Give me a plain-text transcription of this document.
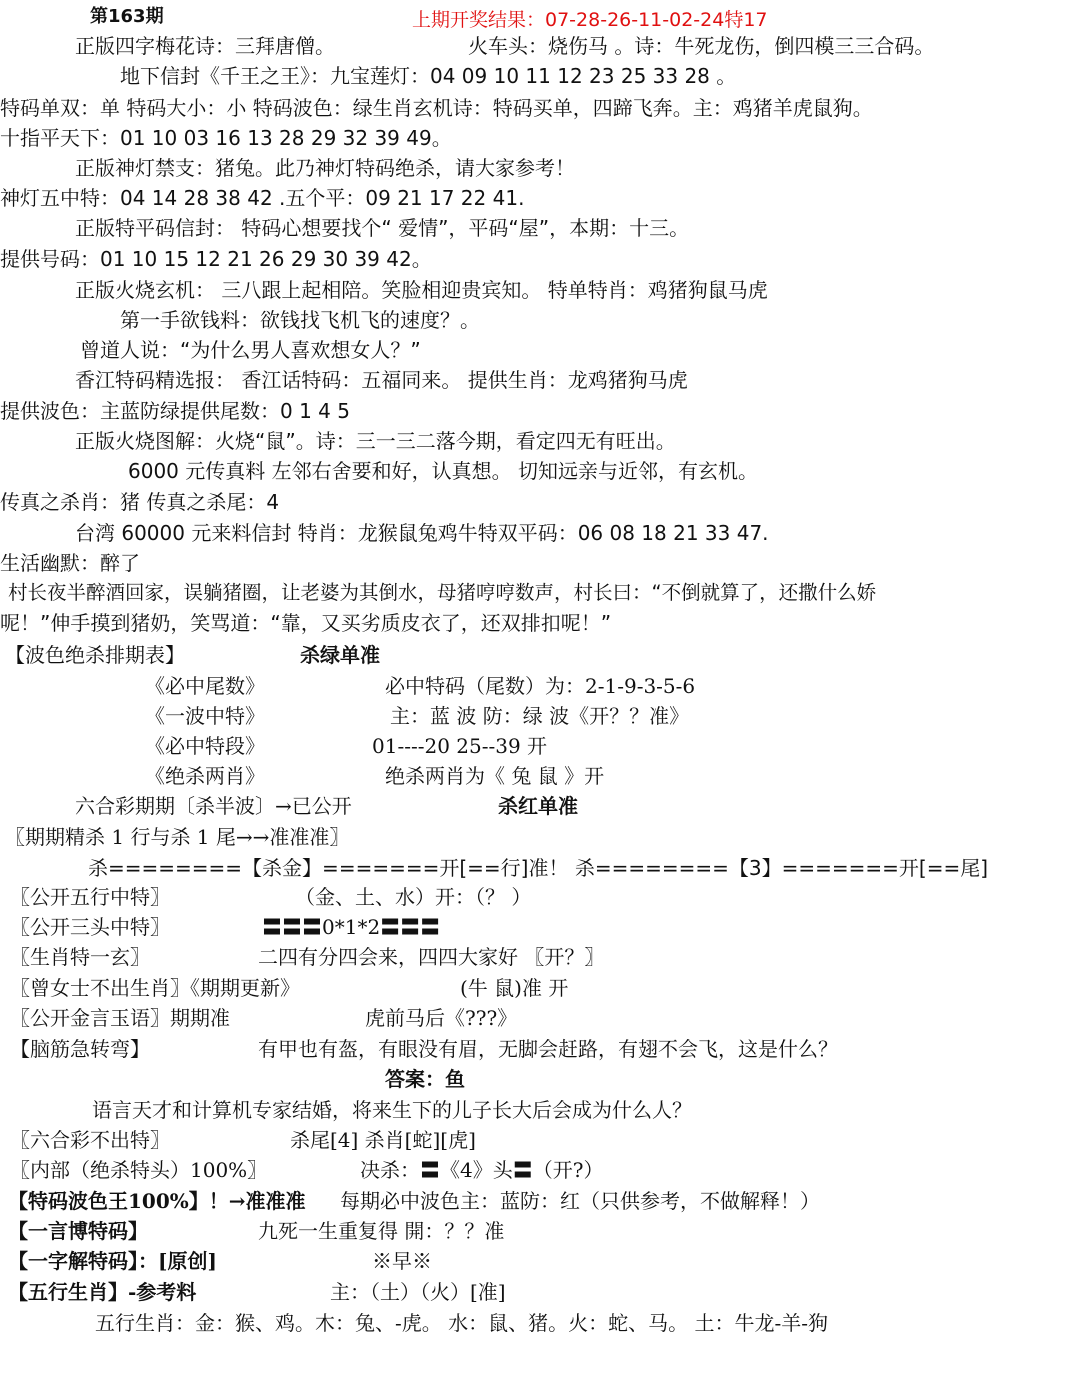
第163期	上期开奖结果：07-28-26-11-02-24特17
正版四字梅花诗：三拜唐僧。	火车头：烧伤马 。诗：牛死龙伤，倒四模三三合码。
地下信封《千王之王》：九宝莲灯：04 09 10 11 12 23 25 33 28 。
特码单双：单 特码大小：小 特码波色：绿生肖玄机诗：特码买单，四蹄飞奔。主：鸡猪羊虎鼠狗。
十指平天下：01 10 03 16 13 28 29 32 39 49。
正版神灯禁支：猪兔。此乃神灯特码绝杀，请大家参考！
神灯五中特：04 14 28 38 42 .五个平：09 21 17 22 41.
正版特平码信封： 特码心想要找个“ 爱情”，平码“屋”，本期：十三。
提供号码：01 10 15 12 21 26 29 30 39 42。
正版火烧玄机： 三八跟上起相陪。笑脸相迎贵宾知。 特单特肖：鸡猪狗鼠马虎
第一手欲钱料：欲钱找飞机飞的速度？。
曾道人说：“为什么男人喜欢想女人？”
香江特码精选报： 香江话特码：五福同来。 提供生肖：龙鸡猪狗马虎
提供波色：主蓝防绿提供尾数：0 1 4 5
正版火烧图解：火烧“鼠”。诗：三一三二落今期，看定四无有旺出。
6000 元传真料 左邻右舍要和好，认真想。 切知远亲与近邻，有玄机。
传真之杀肖：猪 传真之杀尾：4
台湾 60000 元来料信封 特肖：龙猴鼠兔鸡牛特双平码：06 08 18 21 33 47.
生活幽默：醉了
村长夜半醉酒回家，误躺猪圈，让老婆为其倒水，母猪哼哼数声，村长曰：“不倒就算了，还撒什么娇
呢！”伸手摸到猪奶，笑骂道：“靠，又买劣质皮衣了，还双排扣呢！”
【波色绝杀排期表】	杀绿单准
《必中尾数》	必中特码（尾数）为：2-1-9-3-5-6
《一波中特》	主：蓝 波 防：绿 波《开？？准》
《必中特段》	01----20 25--39 开
《绝杀两肖》	绝杀两肖为《 兔 鼠 》开
六合彩期期〔杀半波〕→已公开	杀红单准
〖期期精杀 1 行与杀 1 尾→→准准准〗
杀========【杀金】=======开[==行]准！ 杀========【3】=======开[==尾]
〖公开五行中特〗	（金、土、水）开：（？ ）
〖公开三头中特〗	〓〓〓0*1*2〓〓〓
〖生肖特一玄〗	二四有分四会来，四四大家好 〖开？〗
〖曾女士不出生肖〗《期期更新》	(牛 鼠)准 开
〖公开金言玉语〗期期准	虎前马后《???》
【脑筋急转弯】	有甲也有盔，有眼没有眉，无脚会赶路，有翅不会飞，这是什么？
答案：鱼
语言天才和计算机专家结婚，将来生下的儿子长大后会成为什么人？
〖六合彩不出特〗	杀尾[4] 杀肖[蛇][虎]
〖内部（绝杀特头）100%〗	决杀：〓《4》头〓（开?）
【特码波色王100%】！→准准准 每期必中波色主：蓝防：红（只供参考，不做解释！）
【一言博特码】	九死一生重复得 開：？？准
【一字解特码】：[原创]	※早※
【五行生肖】-参考料	主：（土）（火）[准]
五行生肖：金：猴、鸡。木：兔、-虎。 水：鼠、猪。火：蛇、马。 土：牛龙-羊-狗
